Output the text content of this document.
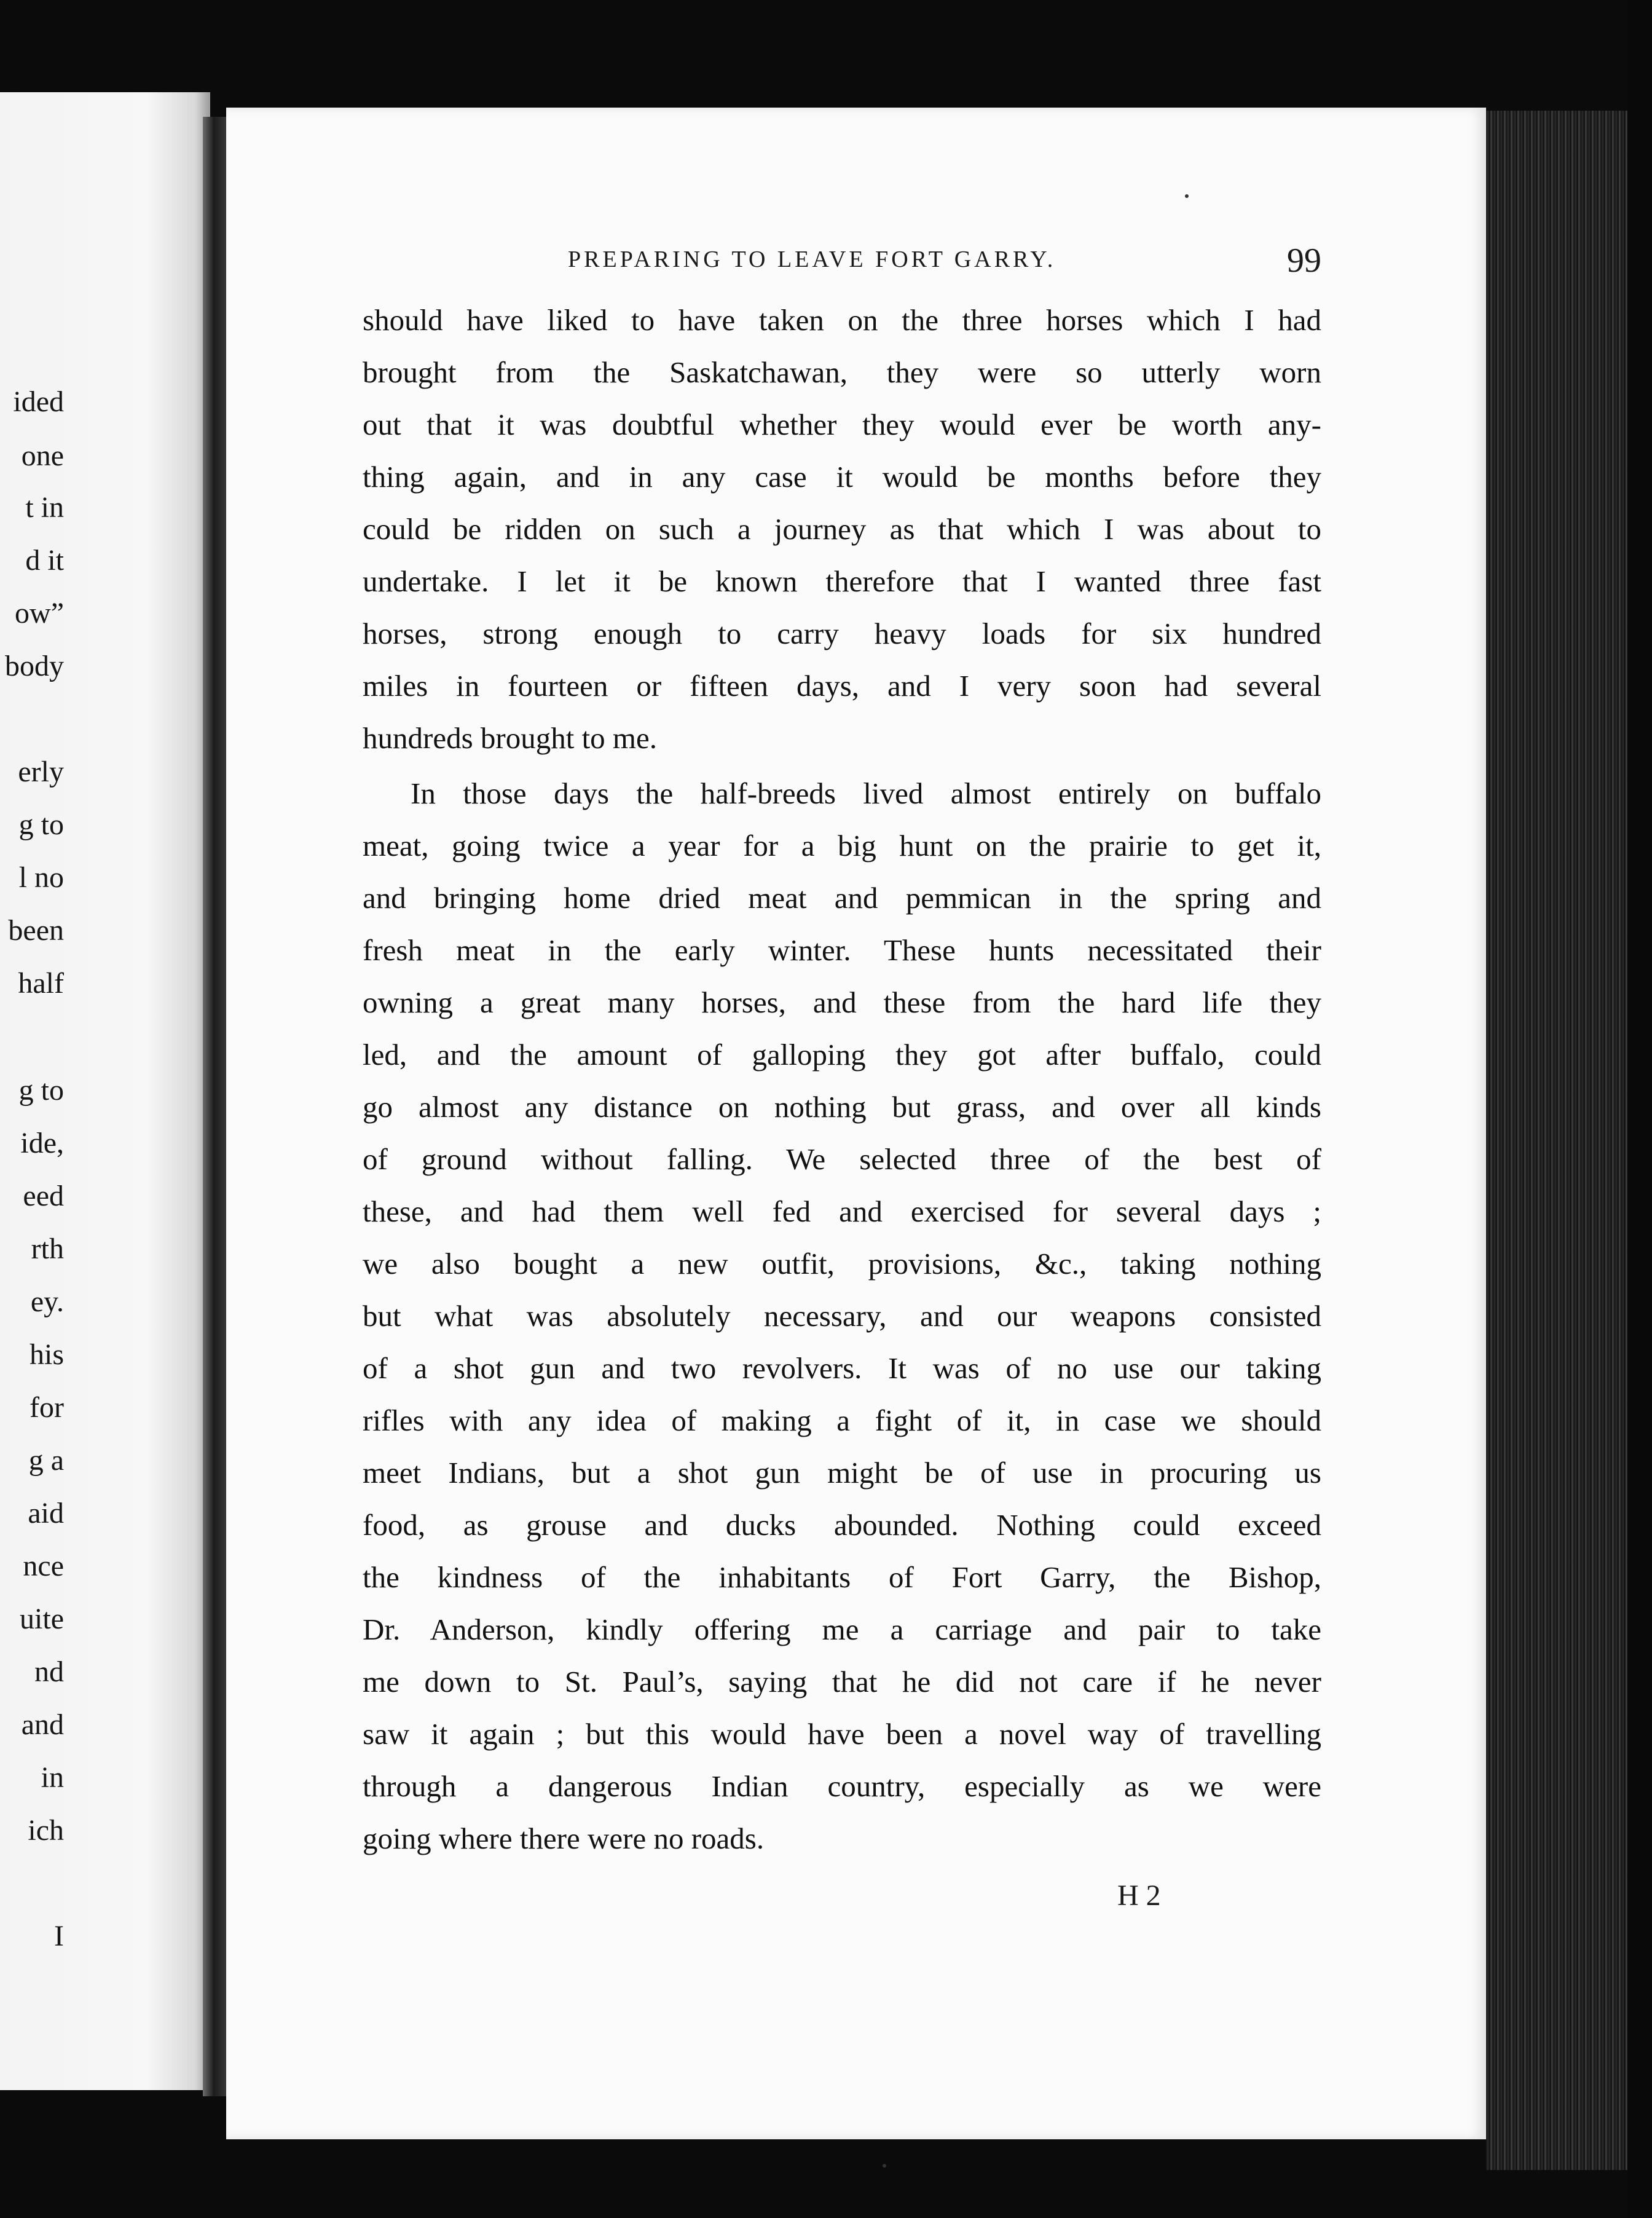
ided
one
t in
d it
ow”
body
erly
g to
l no
been
half
g to
ide,
eed
rth
ey.
his
for
g a
aid
nce
uite
nd
and
in
ich
I
PREPARING TO LEAVE FORT GARRY.	99
should have liked to have taken on the three horses which I had
brought from the Saskatchawan, they were so utterly worn
out that it was doubtful whether they would ever be worth any-
thing again, and in any case it would be months before they
could be ridden on such a journey as that which I was about to
undertake. I let it be known therefore that I wanted three fast
horses, strong enough to carry heavy loads for six hundred
miles in fourteen or fifteen days, and I very soon had several
hundreds brought to me.
In those days the half-breeds lived almost entirely on buffalo
meat, going twice a year for a big hunt on the prairie to get it,
and bringing home dried meat and pemmican in the spring and
fresh meat in the early winter. These hunts necessitated their
owning a great many horses, and these from the hard life they
led, and the amount of galloping they got after buffalo, could
go almost any distance on nothing but grass, and over all kinds
of ground without falling. We selected three of the best of
these, and had them well fed and exercised for several days ;
we also bought a new outfit, provisions, &c., taking nothing
but what was absolutely necessary, and our weapons consisted
of a shot gun and two revolvers. It was of no use our taking
rifles with any idea of making a fight of it, in case we should
meet Indians, but a shot gun might be of use in procuring us
food, as grouse and ducks abounded. Nothing could exceed
the kindness of the inhabitants of Fort Garry, the Bishop,
Dr. Anderson, kindly offering me a carriage and pair to take
me down to St. Paul’s, saying that he did not care if he never
saw it again ; but this would have been a novel way of travelling
through a dangerous Indian country, especially as we were
going where there were no roads.
H 2
